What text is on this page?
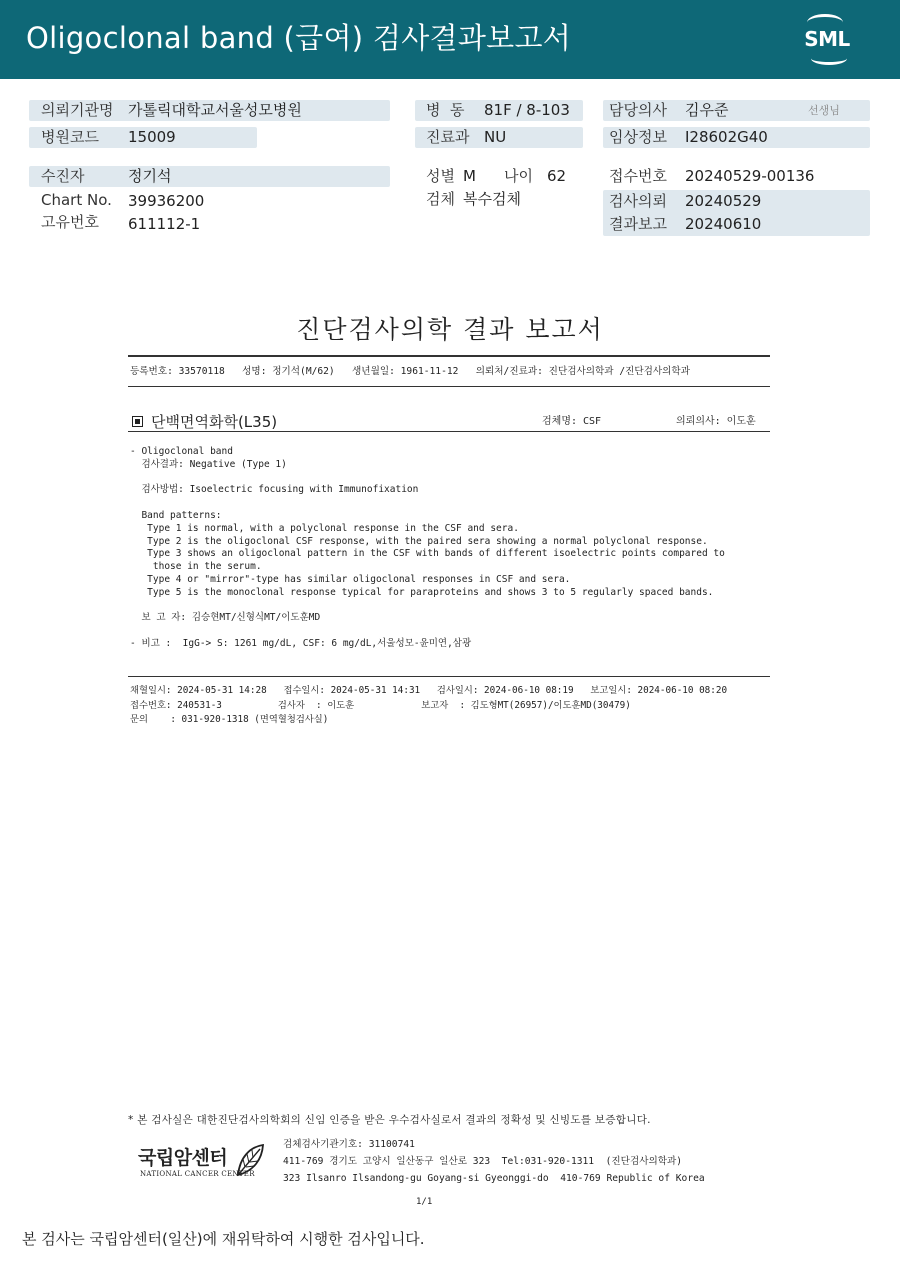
Oligoclonal band (급여) 검사결과보고서	SML
의뢰기관명 가톨릭대학교서울성모병원
병원코드 15009
병  동 81F / 8-103
진료과 NU
담당의사 김우준	선생님
임상정보 I28602G40
수진자	정기석
Chart No. 39936200
고유번호 611112-1
성별 M 나이 62
검체 복수검체
접수번호 20240529-00136
검사의뢰 20240529
결과보고 20240610
진단검사의학 결과 보고서
등록번호: 33570118   성명: 정기석(M/62)   생년월일: 1961-11-12   의뢰처/진료과: 진단검사의학과 /진단검사의학과
단백면역화학(L35)	검체명: CSF	의뢰의사: 이도훈
- Oligoclonal band
검사결과: Negative (Type 1)

검사방법: Isoelectric focusing with Immunofixation

Band patterns:
Type 1 is normal, with a polyclonal response in the CSF and sera.
Type 2 is the oligoclonal CSF response, with the paired sera showing a normal polyclonal response.
Type 3 shows an oligoclonal pattern in the CSF with bands of different isoelectric points compared to
those in the serum.
Type 4 or "mirror"-type has similar oligoclonal responses in CSF and sera.
Type 5 is the monoclonal response typical for paraproteins and shows 3 to 5 regularly spaced bands.

보 고 자: 김승현MT/신형식MT/이도훈MD

- 비고 :  IgG-> S: 1261 mg/dL, CSF: 6 mg/dL,서울성모-윤미연,삼광
채혈일시: 2024-05-31 14:28   접수일시: 2024-05-31 14:31   검사일시: 2024-06-10 08:19   보고일시: 2024-06-10 08:20
접수번호: 240531-3          검사자  : 이도훈            보고자  : 김도형MT(26957)/이도훈MD(30479)
문의    : 031-920-1318 (면역혈청검사실)
* 본 검사실은 대한진단검사의학회의 신임 인증을 받은 우수검사실로서 결과의 정확성 및 신빙도를 보증합니다.
국립암센터
NATIONAL CANCER CENTER
검체검사기관기호: 31100741
411-769 경기도 고양시 일산동구 일산로 323  Tel:031-920-1311  (진단검사의학과)
323 Ilsanro Ilsandong-gu Goyang-si Gyeonggi-do  410-769 Republic of Korea
1/1
본 검사는 국립암센터(일산)에 재위탁하여 시행한 검사입니다.
